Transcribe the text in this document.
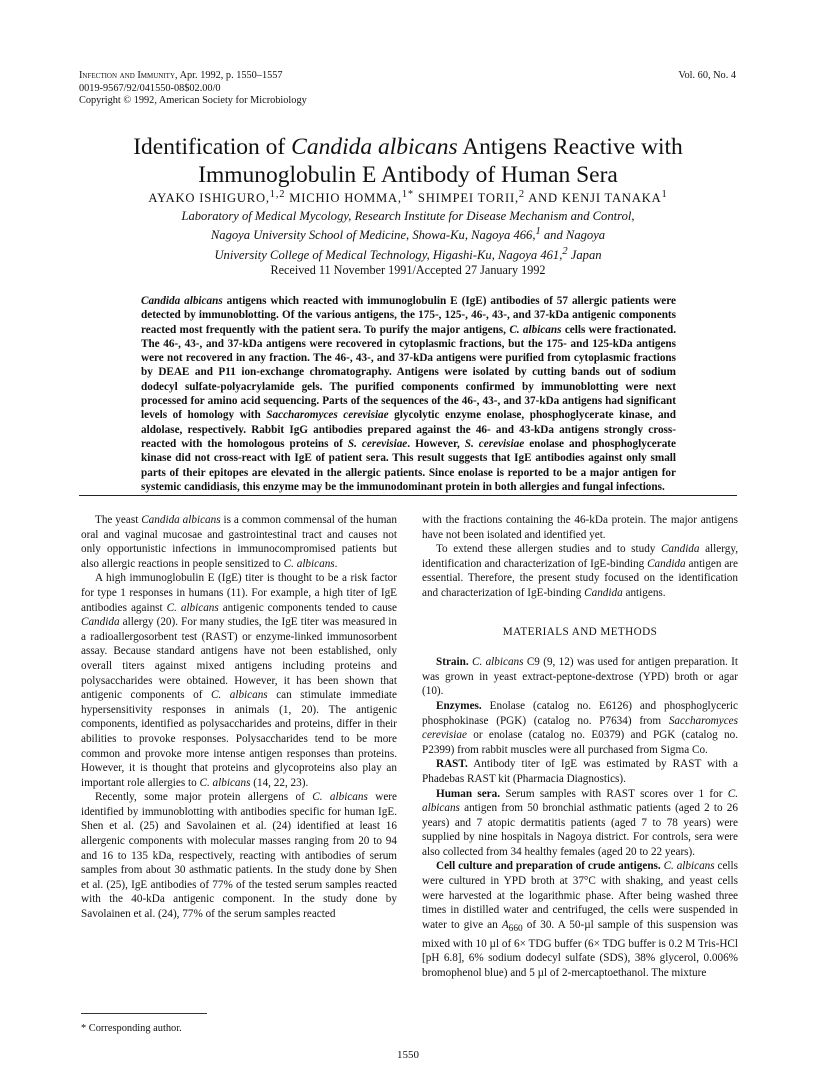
Infection and Immunity, Apr. 1992, p. 1550–1557
0019-9567/92/041550-08$02.00/0
Copyright © 1992, American Society for Microbiology
Vol. 60, No. 4
Identification of Candida albicans Antigens Reactive with
Immunoglobulin E Antibody of Human Sera
AYAKO ISHIGURO,$^{1,2}$ MICHIO HOMMA,$^{1*}$ SHIMPEI TORII,$^2$ AND KENJI TANAKA$^1$
Laboratory of Medical Mycology, Research Institute for Disease Mechanism and Control,
Nagoya University School of Medicine, Showa-Ku, Nagoya 466,$^1$ and Nagoya
University College of Medical Technology, Higashi-Ku, Nagoya 461,$^2$ Japan
Received 11 November 1991/Accepted 27 January 1992
Candida albicans antigens which reacted with immunoglobulin E (IgE) antibodies of 57 allergic patients were detected by immunoblotting. Of the various antigens, the 175-, 125-, 46-, 43-, and 37-kDa antigenic components reacted most frequently with the patient sera. To purify the major antigens, C. albicans cells were fractionated. The 46-, 43-, and 37-kDa antigens were recovered in cytoplasmic fractions, but the 175- and 125-kDa antigens were not recovered in any fraction. The 46-, 43-, and 37-kDa antigens were purified from cytoplasmic fractions by DEAE and P11 ion-exchange chromatography. Antigens were isolated by cutting bands out of sodium dodecyl sulfate-polyacrylamide gels. The purified components confirmed by immunoblotting were next processed for amino acid sequencing. Parts of the sequences of the 46-, 43-, and 37-kDa antigens had significant levels of homology with Saccharomyces cerevisiae glycolytic enzyme enolase, phosphoglycerate kinase, and aldolase, respectively. Rabbit IgG antibodies prepared against the 46- and 43-kDa antigens strongly cross-reacted with the homologous proteins of S. cerevisiae. However, S. cerevisiae enolase and phosphoglycerate kinase did not cross-react with IgE of patient sera. This result suggests that IgE antibodies against only small parts of their epitopes are elevated in the allergic patients. Since enolase is reported to be a major antigen for systemic candidiasis, this enzyme may be the immunodominant protein in both allergies and fungal infections.

The yeast Candida albicans is a common commensal of the human oral and vaginal mucosae and gastrointestinal tract and causes not only opportunistic infections in immunocompromised patients but also allergic reactions in people sensitized to C. albicans.

A high immunoglobulin E (IgE) titer is thought to be a risk factor for type 1 responses in humans (11). For example, a high titer of IgE antibodies against C. albicans antigenic components tended to cause Candida allergy (20). For many studies, the IgE titer was measured in a radioallergosorbent test (RAST) or enzyme-linked immunosorbent assay. Because standard antigens have not been established, only overall titers against mixed antigens including proteins and polysaccharides were obtained. However, it has been shown that antigenic components of C. albicans can stimulate immediate hypersensitivity responses in animals (1, 20). The antigenic components, identified as polysaccharides and proteins, differ in their abilities to provoke responses. Polysaccharides tend to be more common and provoke more intense antigen responses than proteins. However, it is thought that proteins and glycoproteins also play an important role allergies to C. albicans (14, 22, 23).

Recently, some major protein allergens of C. albicans were identified by immunoblotting with antibodies specific for human IgE. Shen et al. (25) and Savolainen et al. (24) identified at least 16 allergenic components with molecular masses ranging from 20 to 94 and 16 to 135 kDa, respectively, reacting with antibodies of serum samples from about 30 asthmatic patients. In the study done by Shen et al. (25), IgE antibodies of 77% of the tested serum samples reacted with the 40-kDa antigenic component. In the study done by Savolainen et al. (24), 77% of the serum samples reacted

with the fractions containing the 46-kDa protein. The major antigens have not been isolated and identified yet.

To extend these allergen studies and to study Candida allergy, identification and characterization of IgE-binding Candida antigen are essential. Therefore, the present study focused on the identification and characterization of IgE-binding Candida antigens.

MATERIALS AND METHODS

Strain. C. albicans C9 (9, 12) was used for antigen preparation. It was grown in yeast extract-peptone-dextrose (YPD) broth or agar (10).

Enzymes. Enolase (catalog no. E6126) and phosphoglyceric phosphokinase (PGK) (catalog no. P7634) from Saccharomyces cerevisiae or enolase (catalog no. E0379) and PGK (catalog no. P2399) from rabbit muscles were all purchased from Sigma Co.

RAST. Antibody titer of IgE was estimated by RAST with a Phadebas RAST kit (Pharmacia Diagnostics).

Human sera. Serum samples with RAST scores over 1 for C. albicans antigen from 50 bronchial asthmatic patients (aged 2 to 26 years) and 7 atopic dermatitis patients (aged 7 to 78 years) were supplied by nine hospitals in Nagoya district. For controls, sera were also collected from 34 healthy females (aged 20 to 22 years).

Cell culture and preparation of crude antigens. C. albicans cells were cultured in YPD broth at 37°C with shaking, and yeast cells were harvested at the logarithmic phase. After being washed three times in distilled water and centrifuged, the cells were suspended in water to give an $A_{660}$ of 30. A 50-µl sample of this suspension was mixed with 10 µl of 6× TDG buffer (6× TDG buffer is 0.2 M Tris-HCl [pH 6.8], 6% sodium dodecyl sulfate (SDS), 38% glycerol, 0.006% bromophenol blue) and 5 µl of 2-mercaptoethanol. The mixture

* Corresponding author.
1550
